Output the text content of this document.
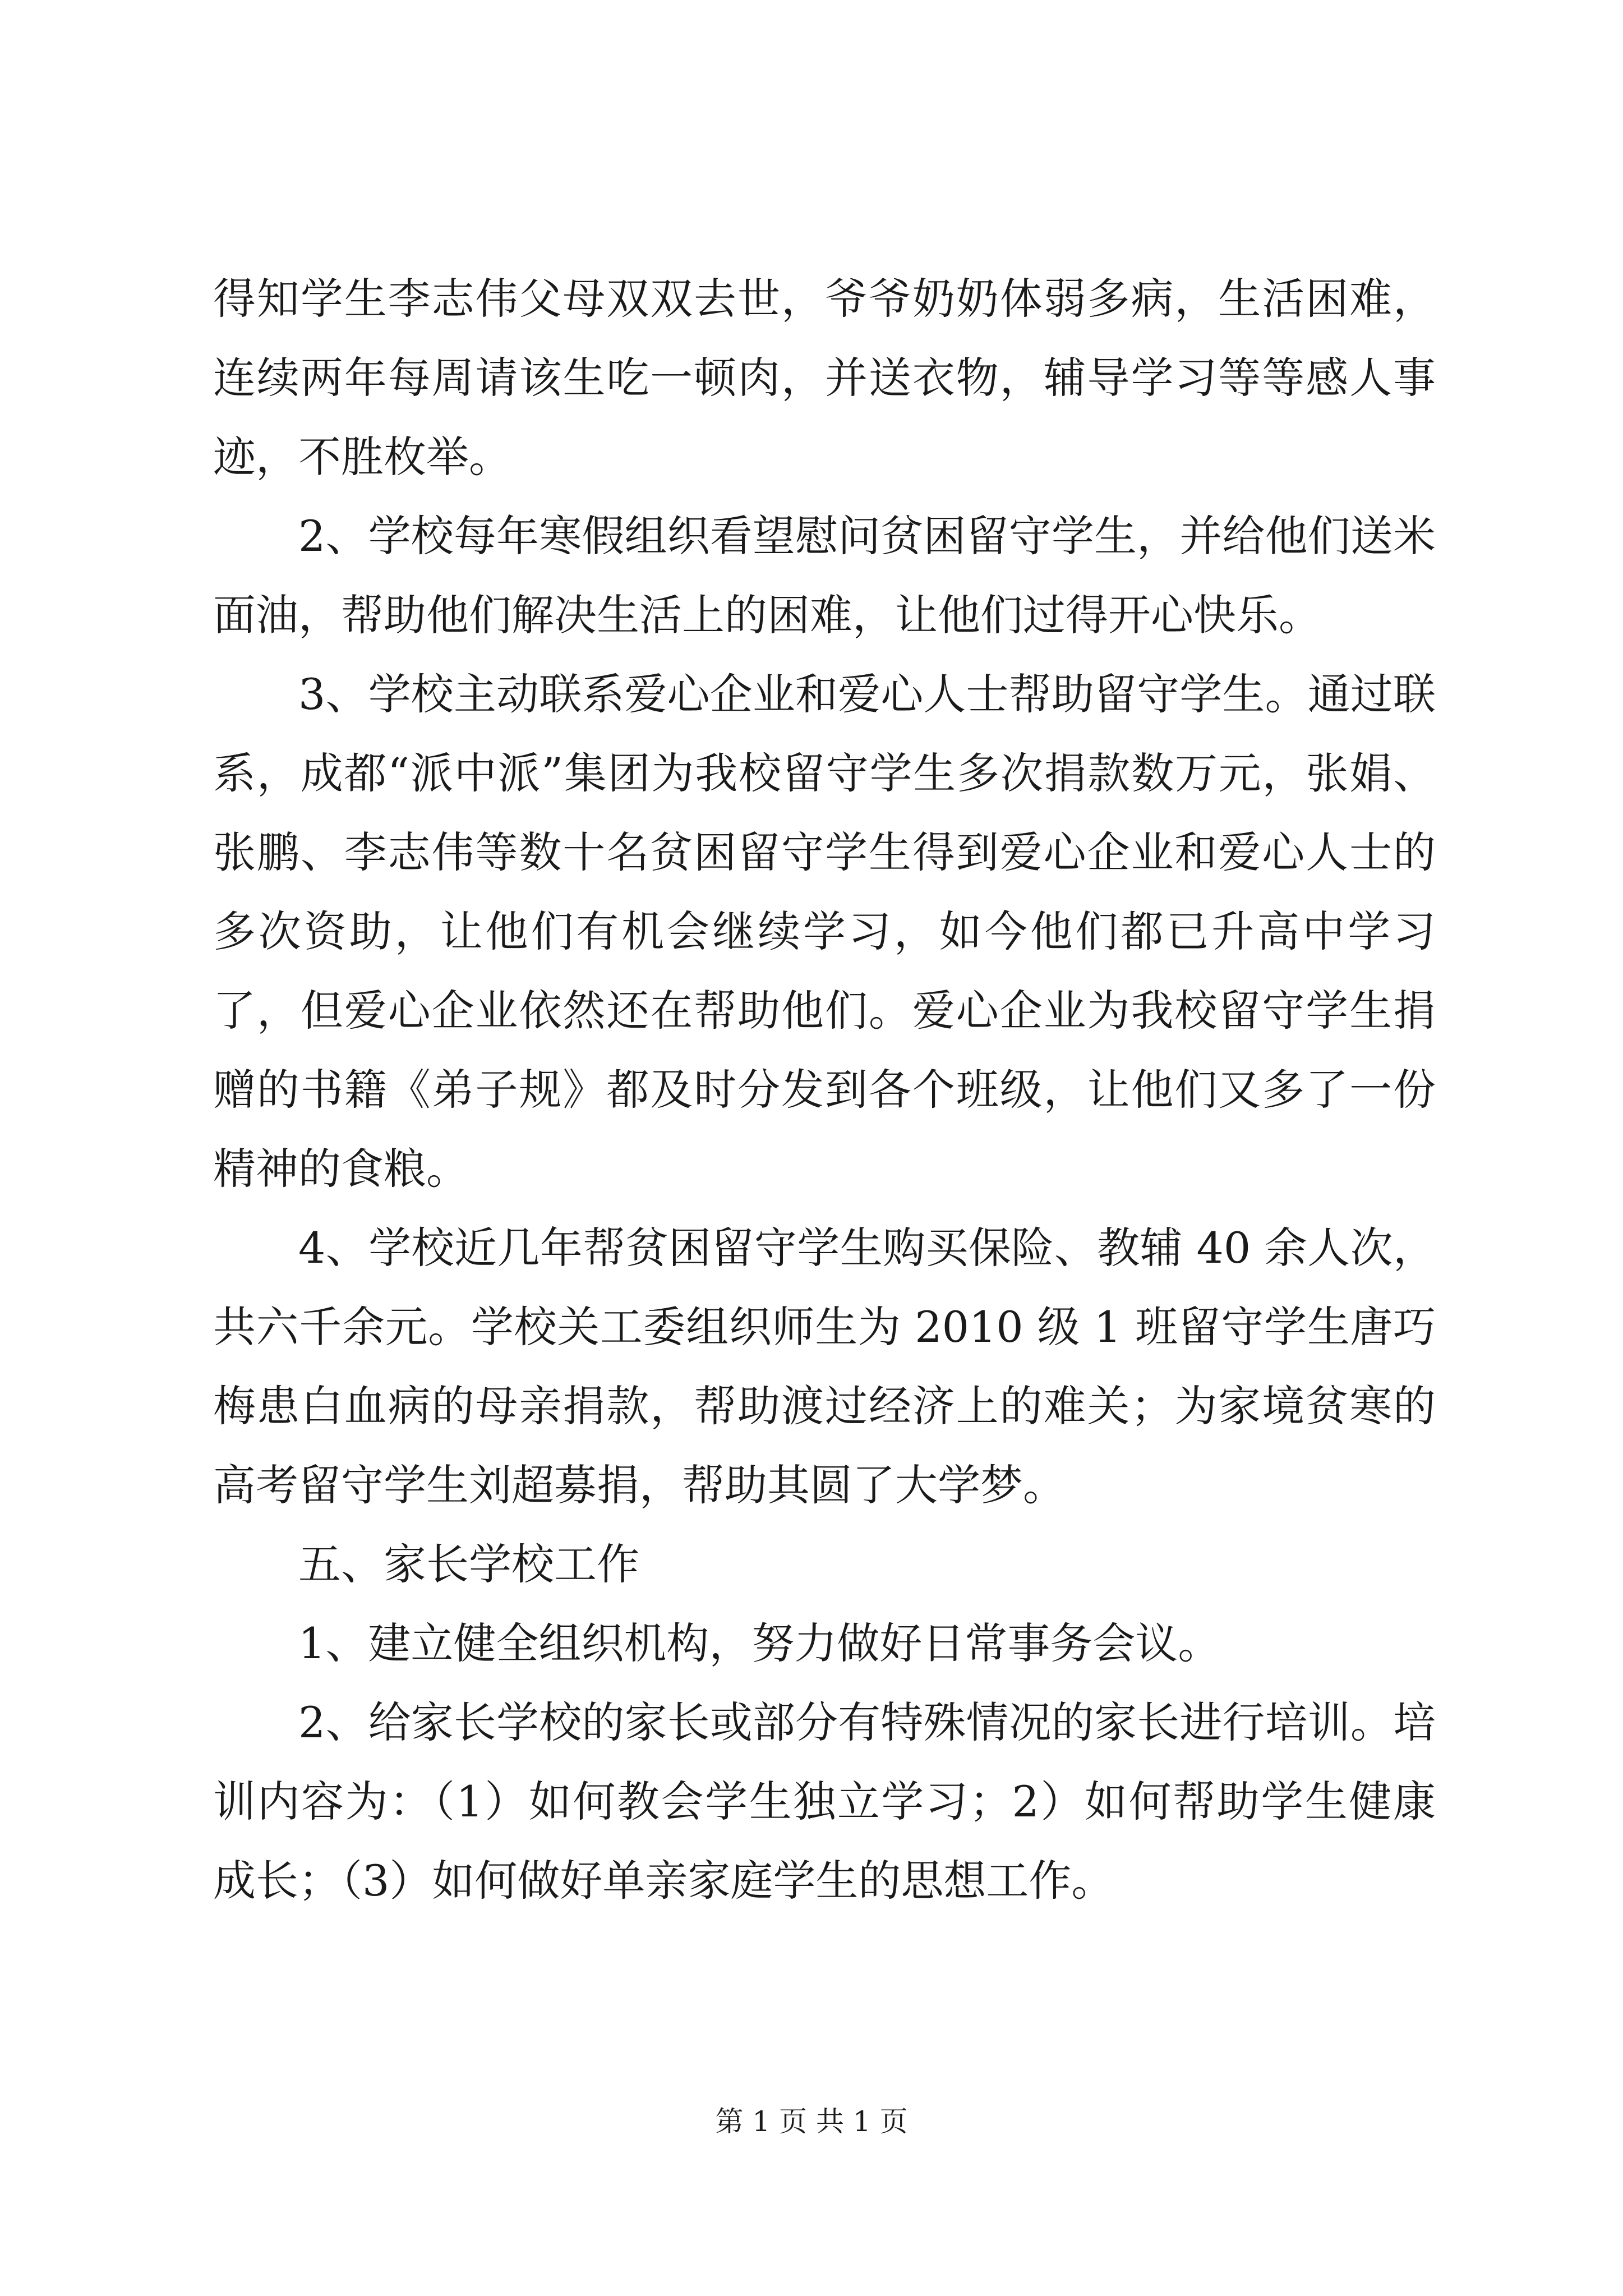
得知学生李志伟父母双双去世，爷爷奶奶体弱多病，生活困难，连续两年每周请该生吃一顿肉，并送衣物，辅导学习等等感人事迹，不胜枚举。

2、学校每年寒假组织看望慰问贫困留守学生，并给他们送米面油，帮助他们解决生活上的困难，让他们过得开心快乐。

3、学校主动联系爱心企业和爱心人士帮助留守学生。通过联系，成都“派中派”集团为我校留守学生多次捐款数万元，张娟、张鹏、李志伟等数十名贫困留守学生得到爱心企业和爱心人士的多次资助，让他们有机会继续学习，如今他们都已升高中学习了，但爱心企业依然还在帮助他们。爱心企业为我校留守学生捐赠的书籍《弟子规》都及时分发到各个班级，让他们又多了一份精神的食粮。

4、学校近几年帮贫困留守学生购买保险、教辅 40 余人次，共六千余元。学校关工委组织师生为 2010 级 1 班留守学生唐巧梅患白血病的母亲捐款，帮助渡过经济上的难关；为家境贫寒的高考留守学生刘超募捐，帮助其圆了大学梦。

五、家长学校工作

1、建立健全组织机构，努力做好日常事务会议。

2、给家长学校的家长或部分有特殊情况的家长进行培训。培训内容为：（1）如何教会学生独立学习；2）如何帮助学生健康成长；（3）如何做好单亲家庭学生的思想工作。

第 1 页 共 1 页
